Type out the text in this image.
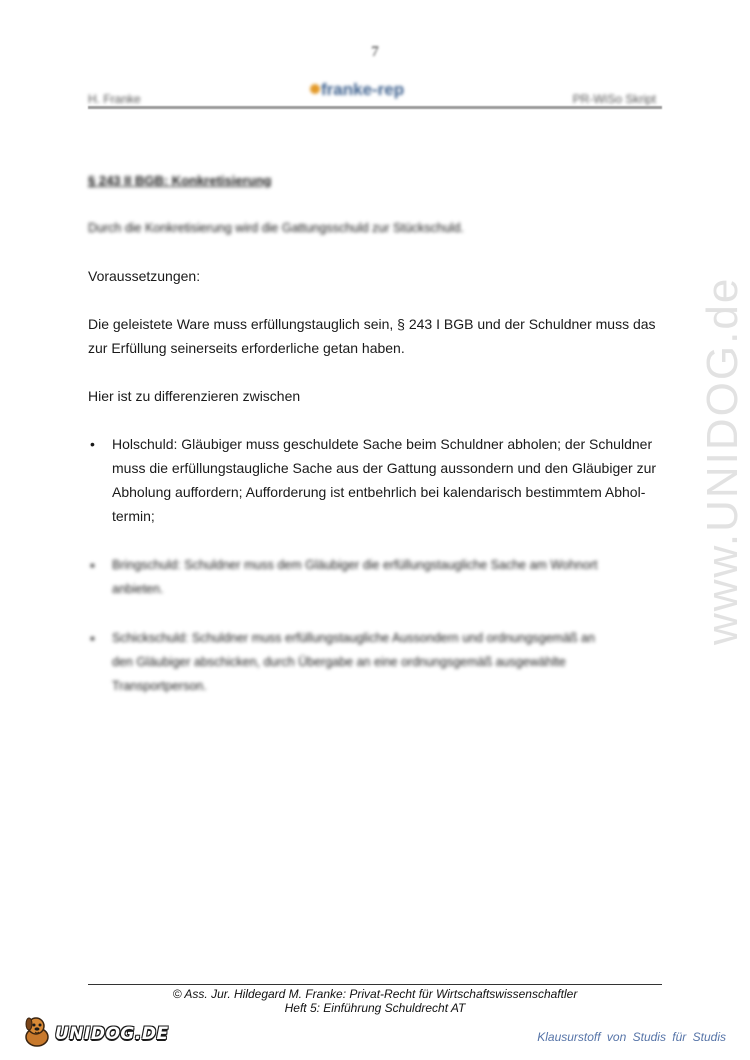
7
H. Franke	franke-rep	PR-WiSo Skript
§ 243 II BGB: Konkretisierung
Durch die Konkretisierung wird die Gattungsschuld zur Stückschuld.
Voraussetzungen:
Die geleistete Ware muss erfüllungstauglich sein, § 243 I BGB und der Schuldner muss das
zur Erfüllung seinerseits erforderliche getan haben.
Hier ist zu differenzieren zwischen
• Holschuld: Gläubiger muss geschuldete Sache beim Schuldner abholen; der Schuldner
muss die erfüllungstaugliche Sache aus der Gattung aussondern und den Gläubiger zur
Abholung auffordern; Aufforderung ist entbehrlich bei kalendarisch bestimmtem Abhol-
termin;
• Bringschuld: Schuldner muss dem Gläubiger die erfüllungstaugliche Sache am Wohnort
anbieten.
• Schickschuld: Schuldner muss erfüllungstaugliche Aussondern und ordnungsgemäß an
den Gläubiger abschicken, durch Übergabe an eine ordnungsgemäß ausgewählte
Transportperson.
www.UNIDOG.de
© Ass. Jur. Hildegard M. Franke: Privat-Recht für Wirtschaftswissenschaftler
Heft 5: Einführung Schuldrecht AT
UNIDOG.DE	Klausurstoff von Studis für Studis
